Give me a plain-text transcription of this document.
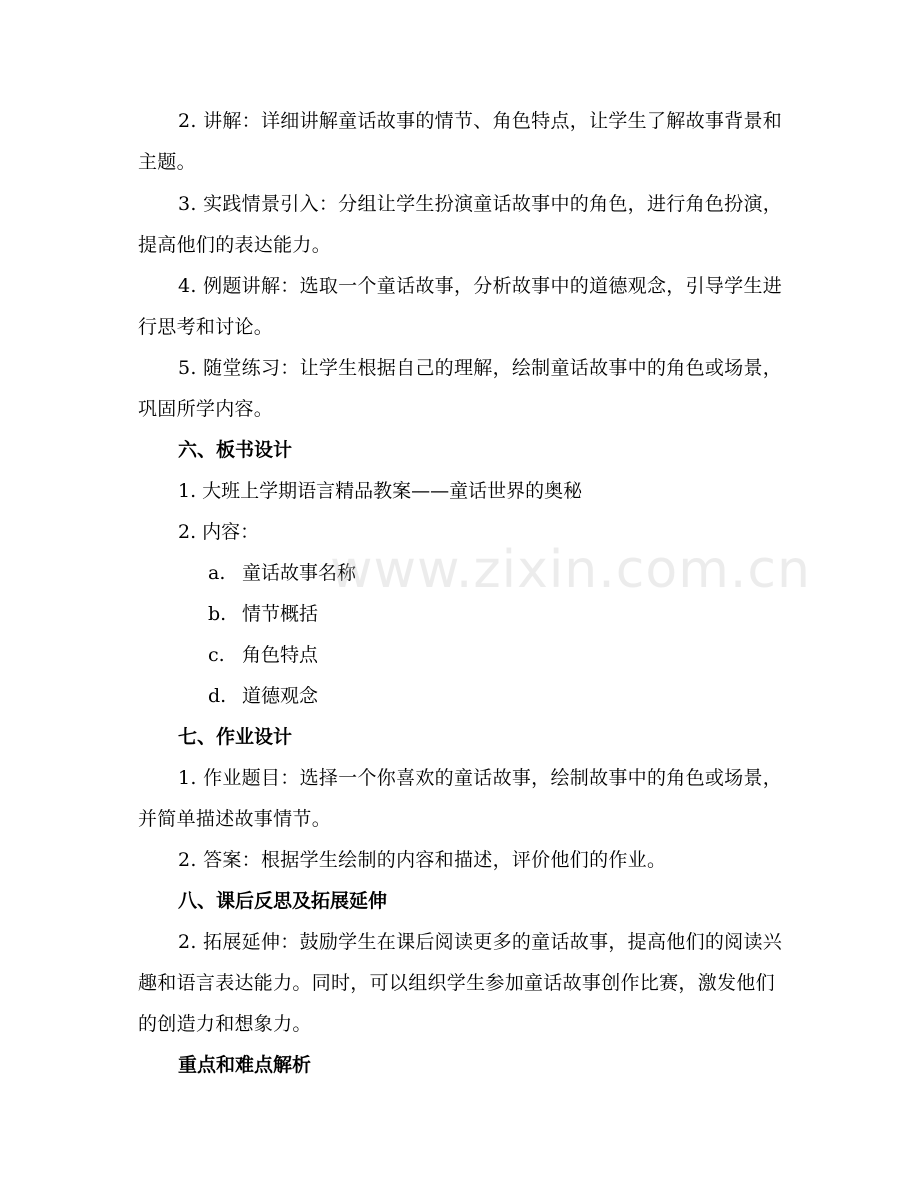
2. 讲解：详细讲解童话故事的情节、角色特点，让学生了解故事背景和主题。

3. 实践情景引入：分组让学生扮演童话故事中的角色，进行角色扮演，提高他们的表达能力。

4. 例题讲解：选取一个童话故事，分析故事中的道德观念，引导学生进行思考和讨论。

5. 随堂练习：让学生根据自己的理解，绘制童话故事中的角色或场景，巩固所学内容。

六、板书设计

1. 大班上学期语言精品教案——童话世界的奥秘

2. 内容：

a. 童话故事名称

b. 情节概括

c. 角色特点

d. 道德观念

七、作业设计

1. 作业题目：选择一个你喜欢的童话故事，绘制故事中的角色或场景，并简单描述故事情节。

2. 答案：根据学生绘制的内容和描述，评价他们的作业。

八、课后反思及拓展延伸

2. 拓展延伸：鼓励学生在课后阅读更多的童话故事，提高他们的阅读兴趣和语言表达能力。同时，可以组织学生参加童话故事创作比赛，激发他们的创造力和想象力。

重点和难点解析

www.zixin.com.cn
